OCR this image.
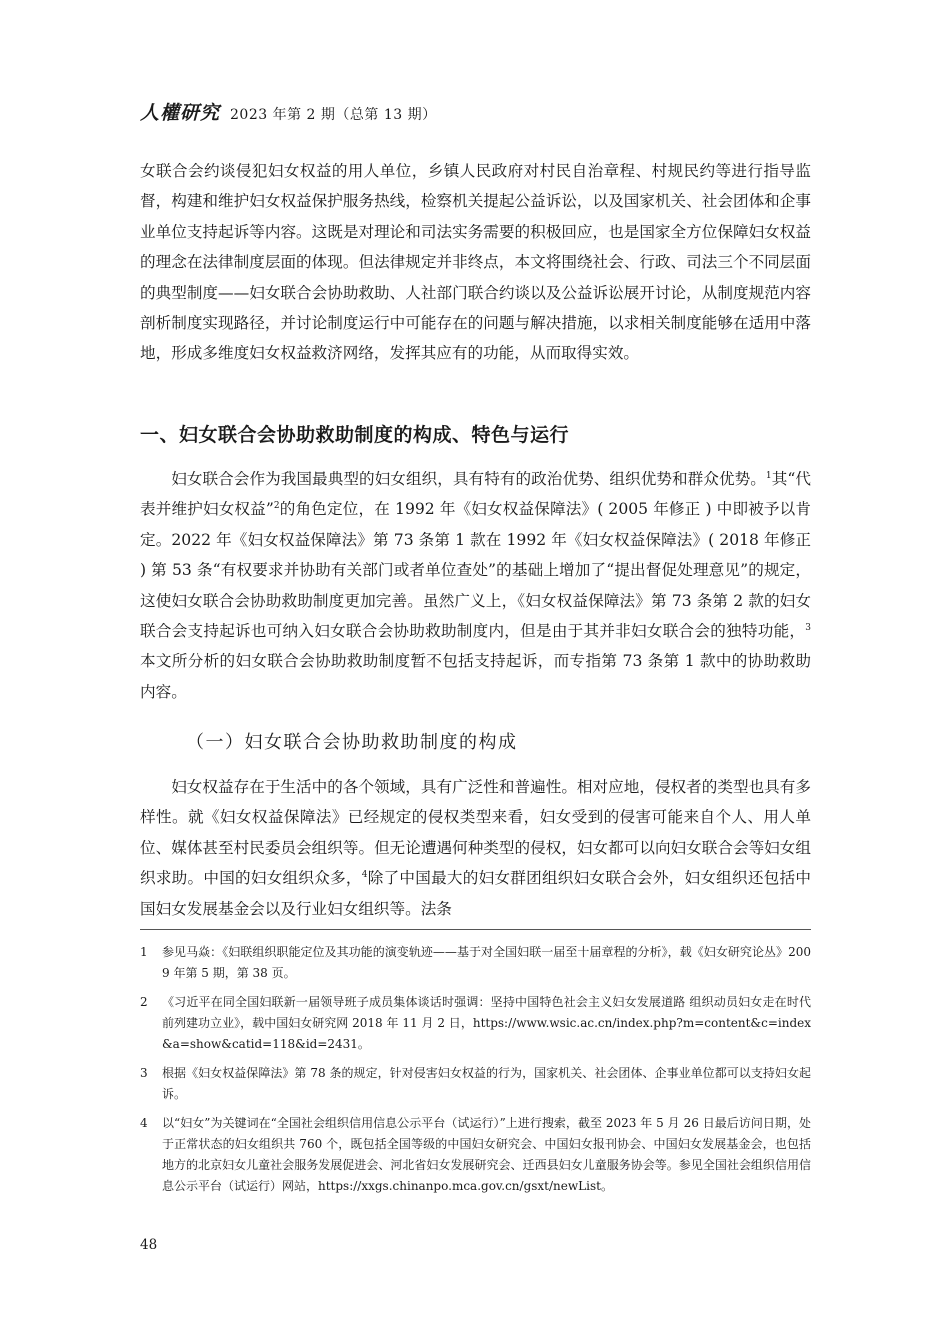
人權研究 2023 年第 2 期（总第 13 期）

女联合会约谈侵犯妇女权益的用人单位，乡镇人民政府对村民自治章程、村规民约等进行指导监督，构建和维护妇女权益保护服务热线，检察机关提起公益诉讼，以及国家机关、社会团体和企事业单位支持起诉等内容。这既是对理论和司法实务需要的积极回应，也是国家全方位保障妇女权益的理念在法律制度层面的体现。但法律规定并非终点，本文将围绕社会、行政、司法三个不同层面的典型制度——妇女联合会协助救助、人社部门联合约谈以及公益诉讼展开讨论，从制度规范内容剖析制度实现路径，并讨论制度运行中可能存在的问题与解决措施，以求相关制度能够在适用中落地，形成多维度妇女权益救济网络，发挥其应有的功能，从而取得实效。

一、妇女联合会协助救助制度的构成、特色与运行

妇女联合会作为我国最典型的妇女组织，具有特有的政治优势、组织优势和群众优势。$^1$其“代表并维护妇女权益”$^2$的角色定位，在 1992 年《妇女权益保障法》( 2005 年修正 ) 中即被予以肯定。2022 年《妇女权益保障法》第 73 条第 1 款在 1992 年《妇女权益保障法》( 2018 年修正 ) 第 53 条“有权要求并协助有关部门或者单位查处”的基础上增加了“提出督促处理意见”的规定，这使妇女联合会协助救助制度更加完善。虽然广义上，《妇女权益保障法》第 73 条第 2 款的妇女联合会支持起诉也可纳入妇女联合会协助救助制度内，但是由于其并非妇女联合会的独特功能，$^3$本文所分析的妇女联合会协助救助制度暂不包括支持起诉，而专指第 73 条第 1 款中的协助救助内容。

（一）妇女联合会协助救助制度的构成

妇女权益存在于生活中的各个领域，具有广泛性和普遍性。相对应地，侵权者的类型也具有多样性。就《妇女权益保障法》已经规定的侵权类型来看，妇女受到的侵害可能来自个人、用人单位、媒体甚至村民委员会组织等。但无论遭遇何种类型的侵权，妇女都可以向妇女联合会等妇女组织求助。中国的妇女组织众多，$^4$除了中国最大的妇女群团组织妇女联合会外，妇女组织还包括中国妇女发展基金会以及行业妇女组织等。法条

1	参见马焱：《妇联组织职能定位及其功能的演变轨迹——基于对全国妇联一届至十届章程的分析》，载《妇女研究论丛》2009 年第 5 期，第 38 页。
2	《习近平在同全国妇联新一届领导班子成员集体谈话时强调：坚持中国特色社会主义妇女发展道路 组织动员妇女走在时代前列建功立业》，载中国妇女研究网 2018 年 11 月 2 日，https://www.wsic.ac.cn/index.php?m=content&c=index&a=show&catid=118&id=2431。
3	根据《妇女权益保障法》第 78 条的规定，针对侵害妇女权益的行为，国家机关、社会团体、企事业单位都可以支持妇女起诉。
4	以“妇女”为关键词在“全国社会组织信用信息公示平台（试运行）”上进行搜索，截至 2023 年 5 月 26 日最后访问日期，处于正常状态的妇女组织共 760 个，既包括全国等级的中国妇女研究会、中国妇女报刊协会、中国妇女发展基金会，也包括地方的北京妇女儿童社会服务发展促进会、河北省妇女发展研究会、迁西县妇女儿童服务协会等。参见全国社会组织信用信息公示平台（试运行）网站，https://xxgs.chinanpo.mca.gov.cn/gsxt/newList。
48
